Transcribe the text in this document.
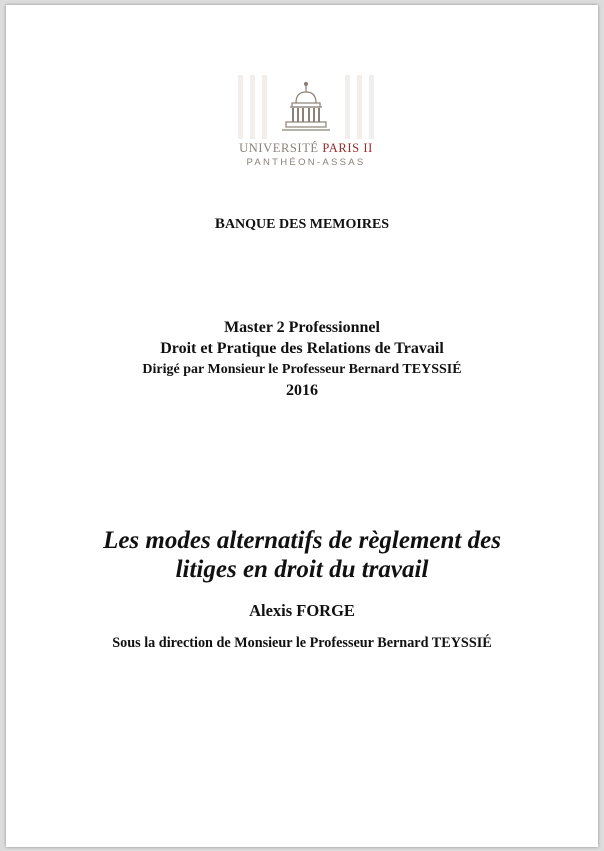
UNIVERSITÉ PARIS II
PANTHÉON-ASSAS
BANQUE DES MEMOIRES
Master 2 Professionnel
Droit et Pratique des Relations de Travail
Dirigé par Monsieur le Professeur Bernard TEYSSIÉ
2016
Les modes alternatifs de règlement des
litiges en droit du travail
Alexis FORGE
Sous la direction de Monsieur le Professeur Bernard TEYSSIÉ
